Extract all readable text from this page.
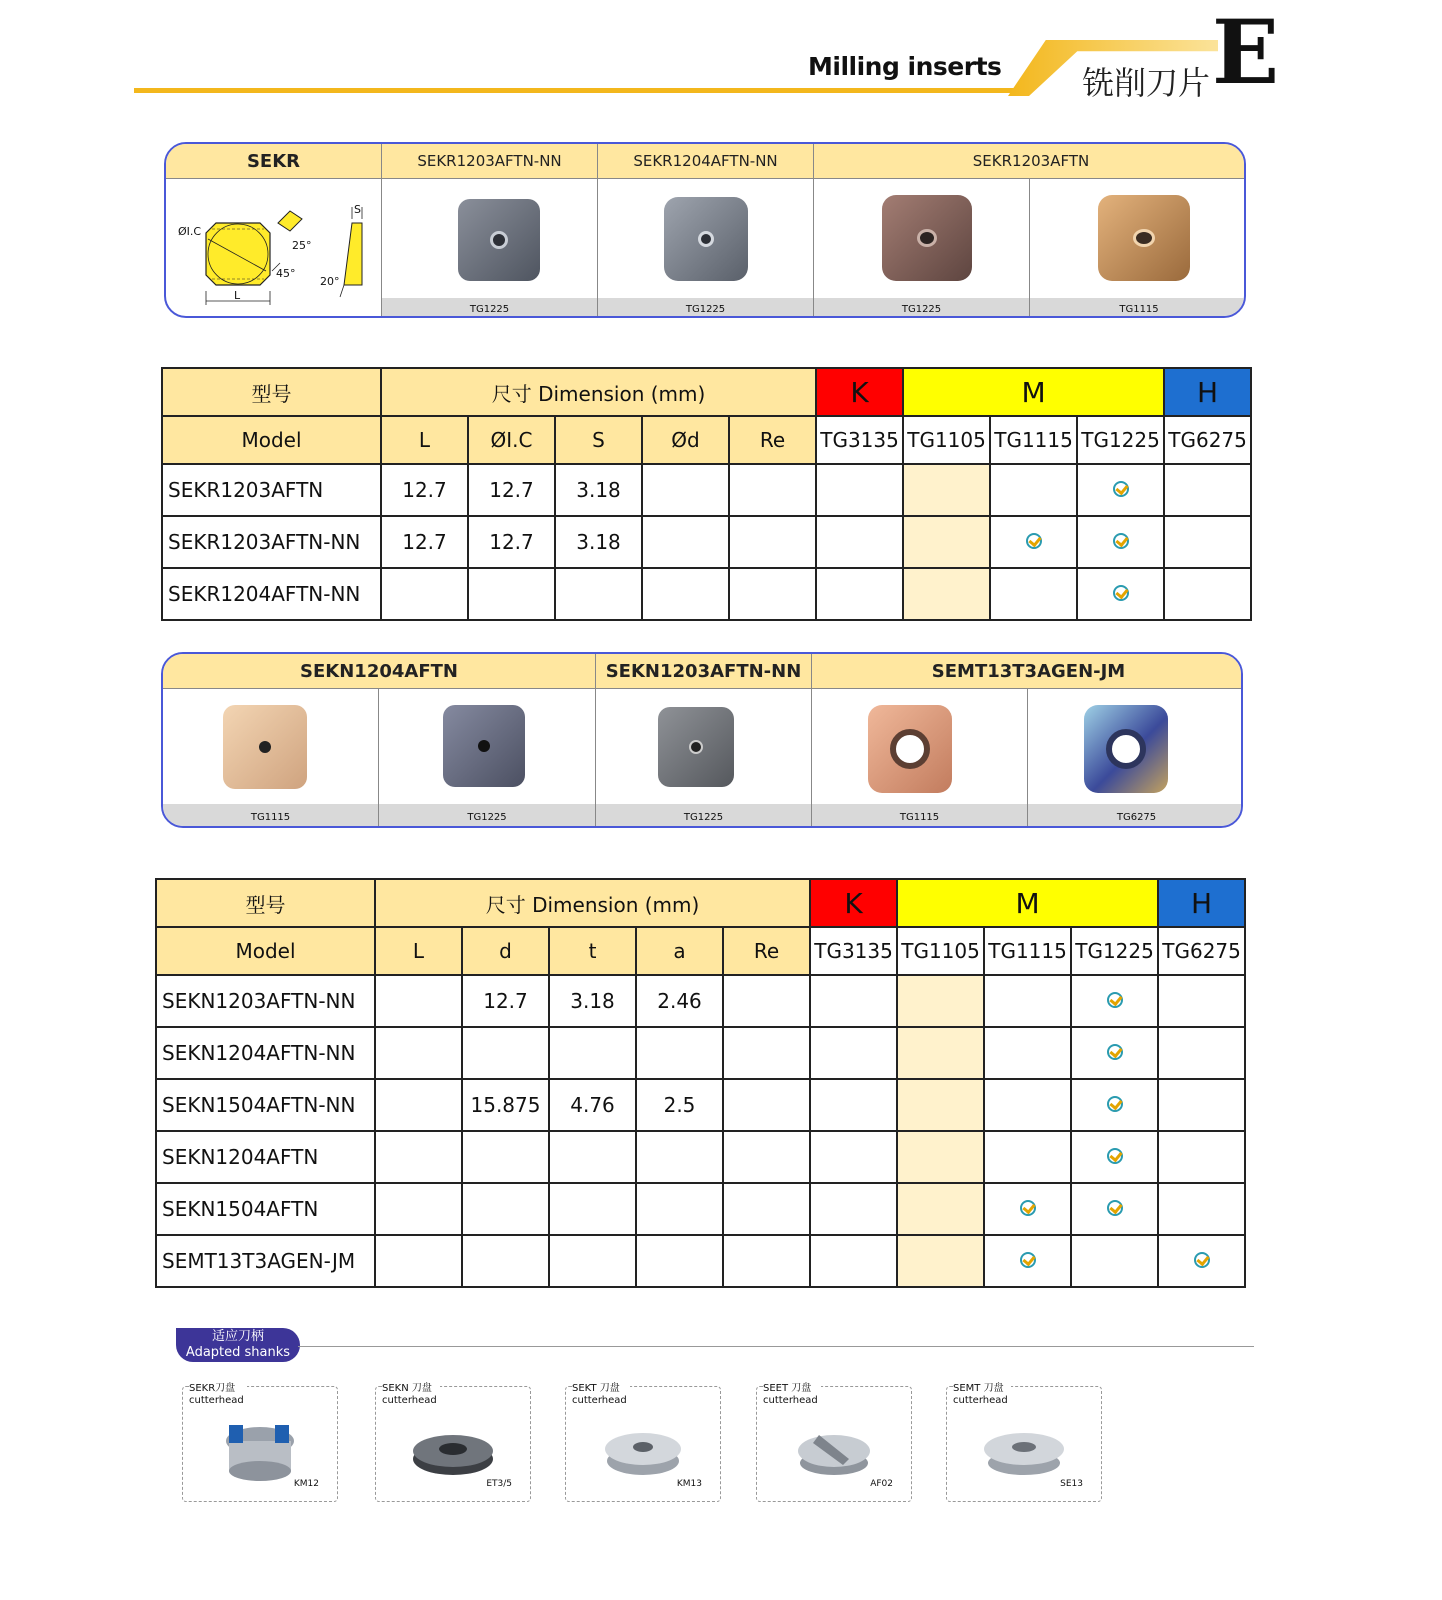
Milling inserts	铣削刀片 E
SEKR	SEKR1203AFTN-NN	SEKR1204AFTN-NN	SEKR1203AFTN
ØI.C
L
S
25°
45°
20°
TG1225	TG1225	TG1225	TG1115
型号	尺寸 Dimension (mm)					K	M			H
Model	L	ØI.C	S	Ød	Re	TG3135	TG1105	TG1115	TG1225	TG6275
SEKR1203AFTN	12.7	12.7	3.18							
SEKR1203AFTN-NN	12.7	12.7	3.18							
SEKR1204AFTN-NN										
SEKN1204AFTN	SEKN1203AFTN-NN	SEMT13T3AGEN-JM
TG1115	TG1225	TG1225	TG1115	TG6275
型号	尺寸 Dimension (mm)					K	M			H
Model	L	d	t	a	Re	TG3135	TG1105	TG1115	TG1225	TG6275
SEKN1203AFTN-NN		12.7	3.18	2.46						
SEKN1204AFTN-NN										
SEKN1504AFTN-NN		15.875	4.76	2.5						
SEKN1204AFTN										
SEKN1504AFTN										
SEMT13T3AGEN-JM										
适应刀柄
Adapted shanks
SEKR刀盘
cutterhead
KM12
SEKN 刀盘
cutterhead
ET3/5
SEKT 刀盘
cutterhead
KM13
SEET 刀盘
cutterhead
AF02
SEMT 刀盘
cutterhead
SE13
